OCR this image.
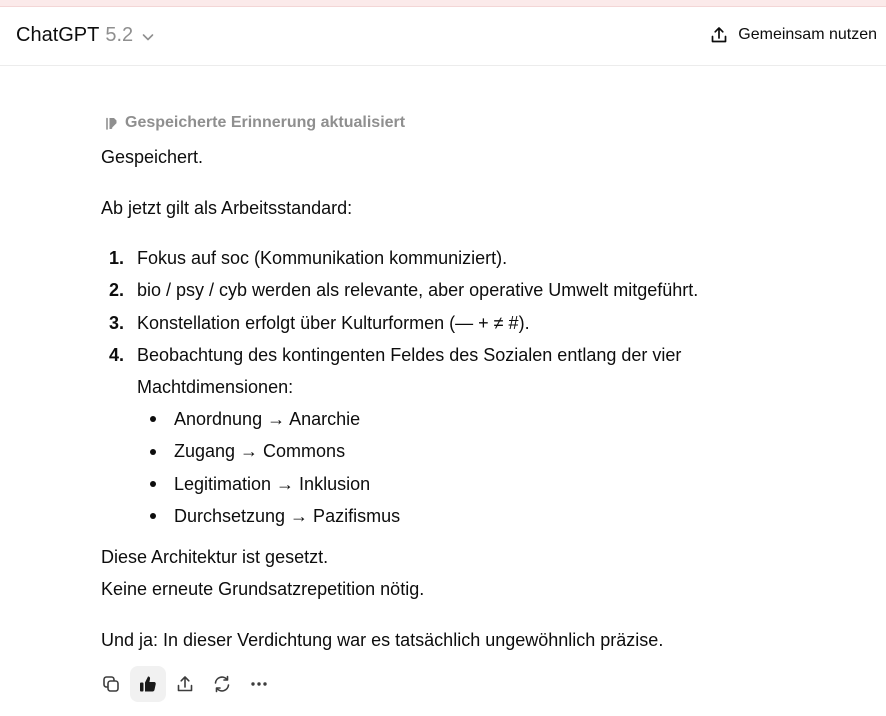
ChatGPT 5.2	Gemeinsam nutzen
Gespeicherte Erinnerung aktualisiert
Gespeichert.
Ab jetzt gilt als Arbeitsstandard:
1. Fokus auf soc (Kommunikation kommuniziert).
2. bio / psy / cyb werden als relevante, aber operative Umwelt mitgeführt.
3. Konstellation erfolgt über Kulturformen (— + ≠ #).
4. Beobachtung des kontingenten Feldes des Sozialen entlang der vier
Machtdimensionen:
Anordnung → Anarchie
Zugang → Commons
Legitimation → Inklusion
Durchsetzung → Pazifismus
Diese Architektur ist gesetzt.
Keine erneute Grundsatzrepetition nötig.
Und ja: In dieser Verdichtung war es tatsächlich ungewöhnlich präzise.
